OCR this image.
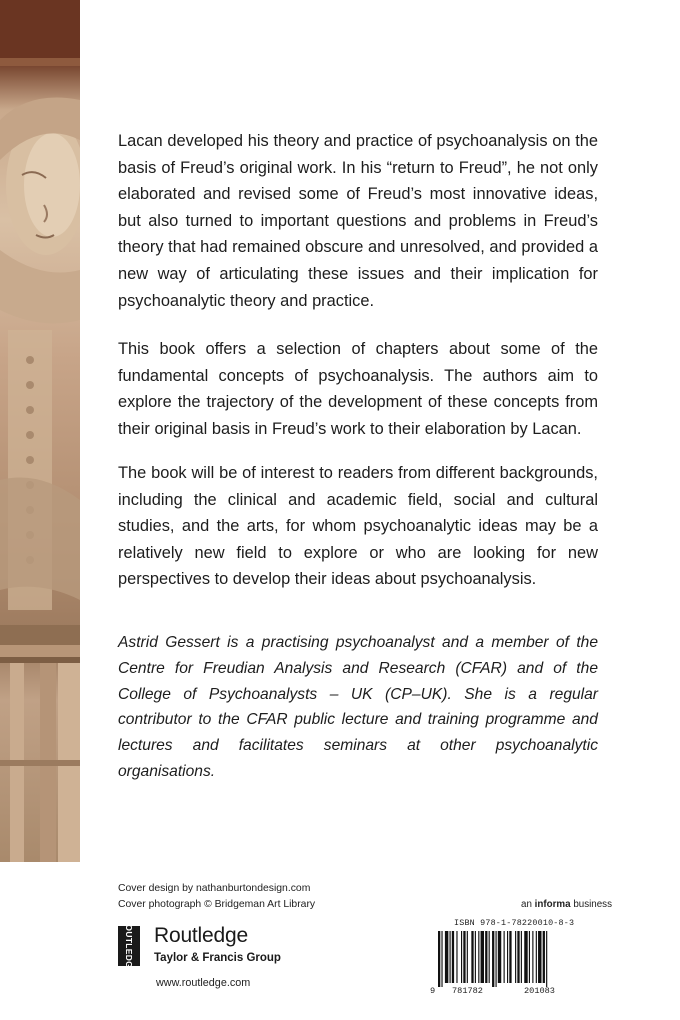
Lacan developed his theory and practice of psychoanalysis on the basis of Freud’s original work. In his “return to Freud”, he not only elaborated and revised some of Freud’s most innovative ideas, but also turned to important questions and problems in Freud’s theory that had remained obscure and unresolved, and provided a new way of articulating these issues and their implication for psychoanalytic theory and practice.

This book offers a selection of chapters about some of the fundamental concepts of psychoanalysis. The authors aim to explore the trajectory of the development of these concepts from their original basis in Freud’s work to their elaboration by Lacan.

The book will be of interest to readers from different backgrounds, including the clinical and academic field, social and cultural studies, and the arts, for whom psychoanalytic ideas may be a relatively new field to explore or who are looking for new perspectives to develop their ideas about psychoanalysis.

Astrid Gessert is a practising psychoanalyst and a member of the Centre for Freudian Analysis and Research (CFAR) and of the College of Psychoanalysts – UK (CP–UK). She is a regular contributor to the CFAR public lecture and training programme and lectures and facilitates seminars at other psychoanalytic organisations.

Cover design by nathanburtondesign.com
Cover photograph © Bridgeman Art Library
ROUTLEDGE Routledge
Taylor & Francis Group
www.routledge.com
an informa business
ISBN 978-1-78220010-8-3
9 781782	201083
